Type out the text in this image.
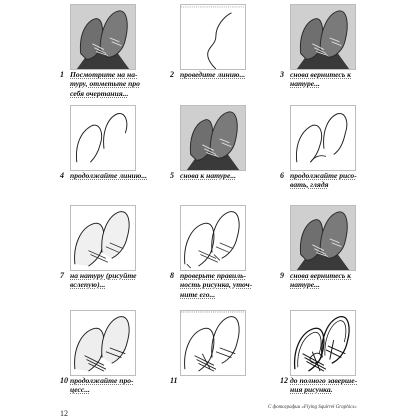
1 Посмотрите на на-
туру, отметьте про
себя очертания...
2 проведите линию...	3 снова вернитесь к
натуре...
4 продолжайте линию...	5 снова к натуре...	6 продолжайте рисо-
вать, глядя
7 на натуру (рисуйте
вслепую)...
8 проверьте правиль-
ность рисунка, уточ-
ните его...
9 снова вернитесь к
натуре...
10 продолжайте про-
цесс...
11	12 до полного заверше-
ния рисунка.
С фотографии «Flying Squirrel Graphics»
12
